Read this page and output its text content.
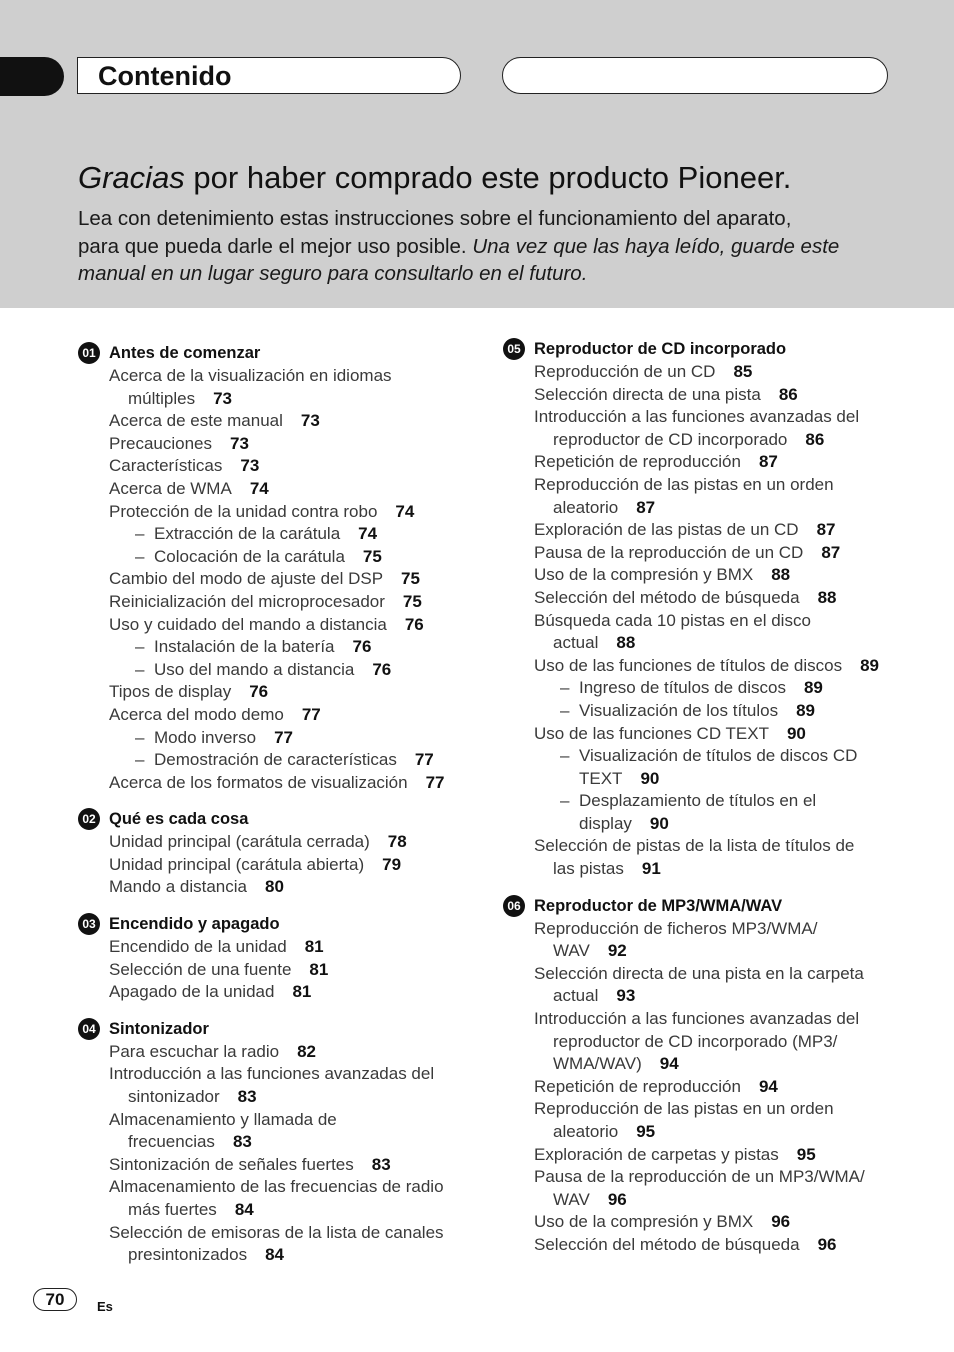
Contenido
Gracias por haber comprado este producto Pioneer.
Lea con detenimiento estas instrucciones sobre el funcionamiento del aparato,
para que pueda darle el mejor uso posible. Una vez que las haya leído, guarde este
manual en un lugar seguro para consultarlo en el futuro.
01 Antes de comenzar
Acerca de la visualización en idiomas
múltiples 73
Acerca de este manual 73
Precauciones 73
Características 73
Acerca de WMA 74
Protección de la unidad contra robo 74
– Extracción de la carátula 74
– Colocación de la carátula 75
Cambio del modo de ajuste del DSP 75
Reinicialización del microprocesador 75
Uso y cuidado del mando a distancia 76
– Instalación de la batería 76
– Uso del mando a distancia 76
Tipos de display 76
Acerca del modo demo 77
– Modo inverso 77
– Demostración de características 77
Acerca de los formatos de visualización 77
02 Qué es cada cosa
Unidad principal (carátula cerrada) 78
Unidad principal (carátula abierta) 79
Mando a distancia 80
03 Encendido y apagado
Encendido de la unidad 81
Selección de una fuente 81
Apagado de la unidad 81
04 Sintonizador
Para escuchar la radio 82
Introducción a las funciones avanzadas del
sintonizador 83
Almacenamiento y llamada de
frecuencias 83
Sintonización de señales fuertes 83
Almacenamiento de las frecuencias de radio
más fuertes 84
Selección de emisoras de la lista de canales
presintonizados 84
05 Reproductor de CD incorporado
Reproducción de un CD 85
Selección directa de una pista 86
Introducción a las funciones avanzadas del
reproductor de CD incorporado 86
Repetición de reproducción 87
Reproducción de las pistas en un orden
aleatorio 87
Exploración de las pistas de un CD 87
Pausa de la reproducción de un CD 87
Uso de la compresión y BMX 88
Selección del método de búsqueda 88
Búsqueda cada 10 pistas en el disco
actual 88
Uso de las funciones de títulos de discos 89
– Ingreso de títulos de discos 89
– Visualización de los títulos 89
Uso de las funciones CD TEXT 90
– Visualización de títulos de discos CD
TEXT 90
– Desplazamiento de títulos en el
display 90
Selección de pistas de la lista de títulos de
las pistas 91
06 Reproductor de MP3/WMA/WAV
Reproducción de ficheros MP3/WMA/
WAV 92
Selección directa de una pista en la carpeta
actual 93
Introducción a las funciones avanzadas del
reproductor de CD incorporado (MP3/
WMA/WAV) 94
Repetición de reproducción 94
Reproducción de las pistas en un orden
aleatorio 95
Exploración de carpetas y pistas 95
Pausa de la reproducción de un MP3/WMA/
WAV 96
Uso de la compresión y BMX 96
Selección del método de búsqueda 96
70	Es
